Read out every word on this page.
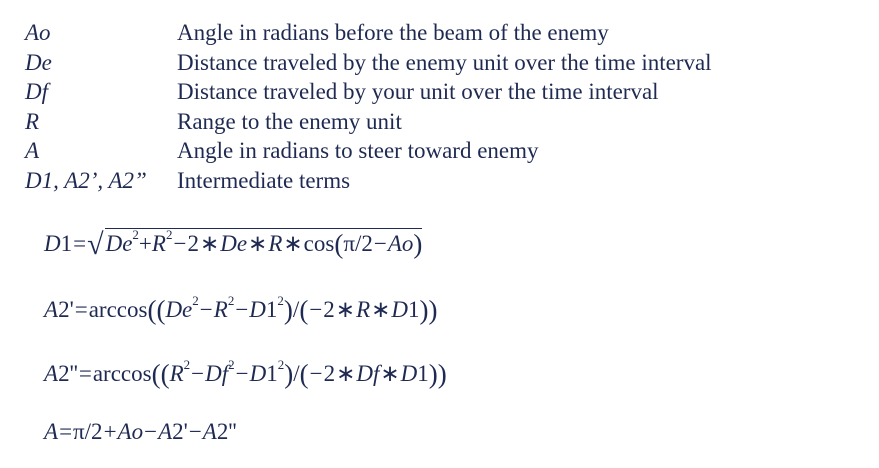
Ao	Angle in radians before the beam of the enemy
De	Distance traveled by the enemy unit over the time interval
Df	Distance traveled by your unit over the time interval
R	Range to the enemy unit
A	Angle in radians to steer toward enemy
D1, A2’, A2”	Intermediate terms
$D1=√De^2+R^2-2∗De∗R∗\cos(\pi/2-Ao)$
$A2'=\arccos((De^2-R^2-D1^2)/(-2∗R∗D1))$
$A2''=\arccos((R^2-Df^2-D1^2)/(-2∗Df∗D1))$
A=π/2+Ao−A2'−A2''
